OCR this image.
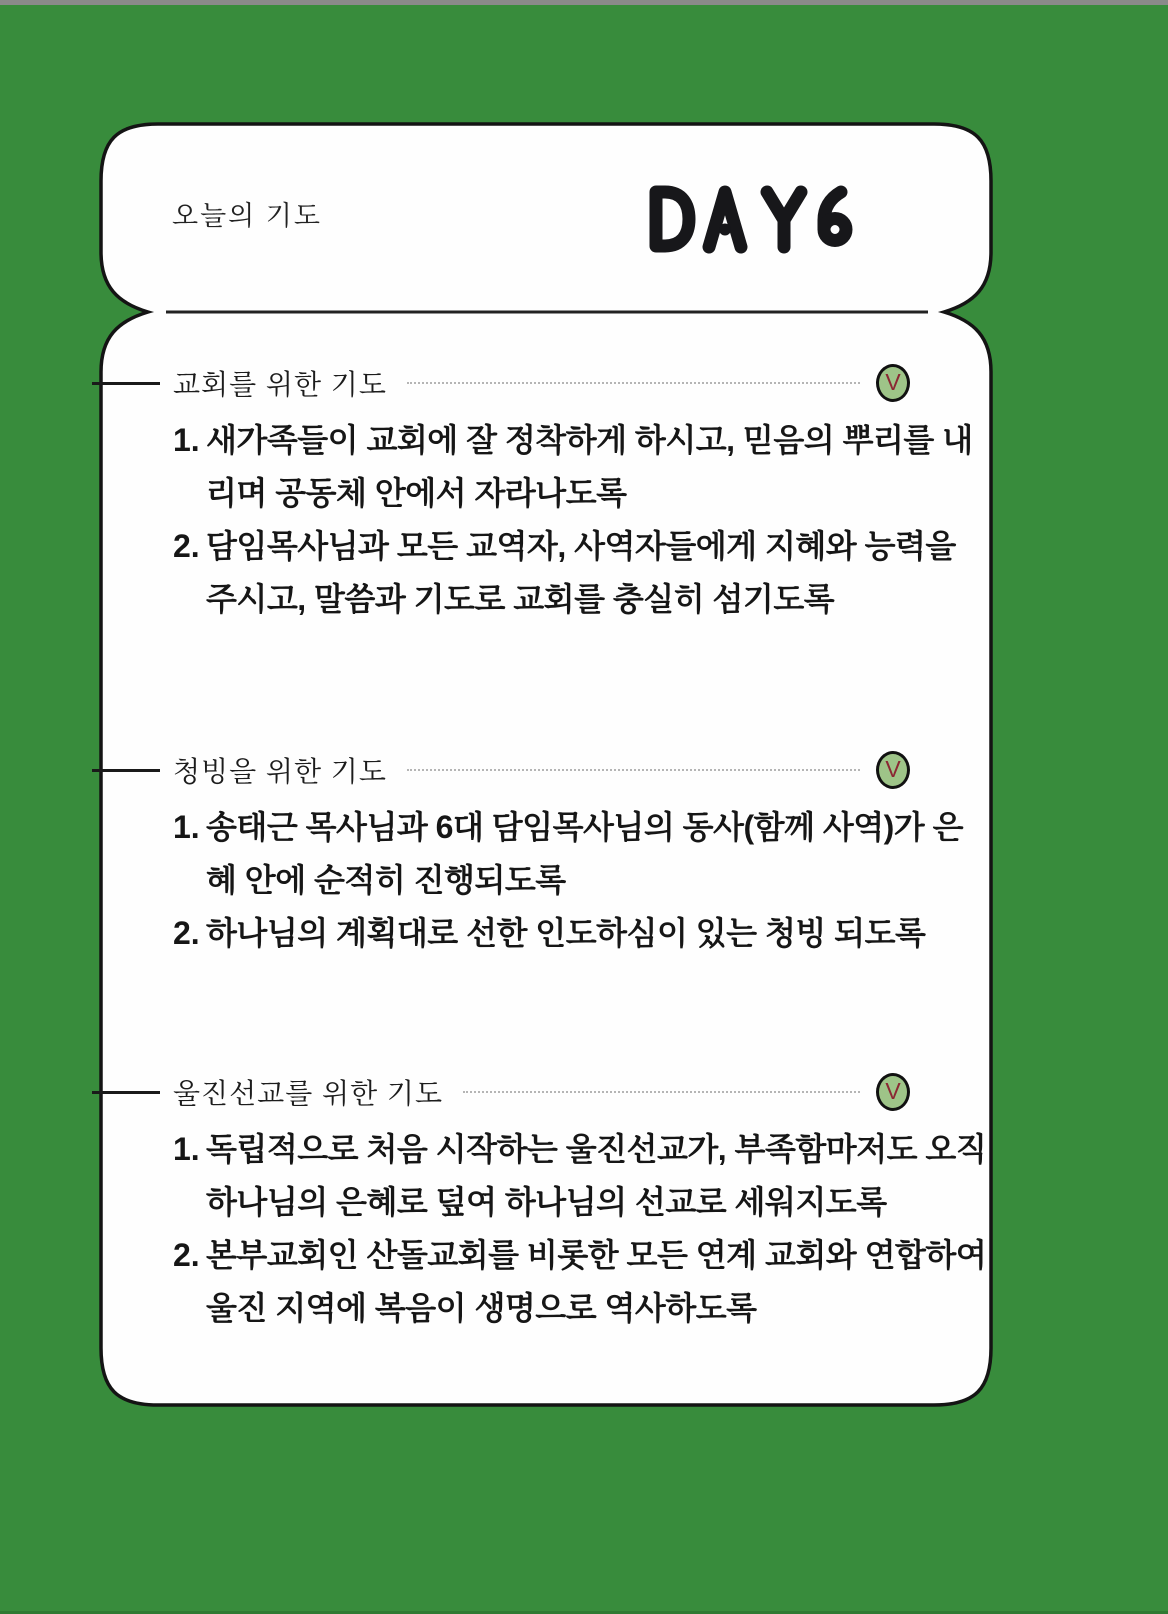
오늘의 기도
교회를 위한 기도	V
1. 새가족들이 교회에 잘 정착하게 하시고, 믿음의 뿌리를 내
리며 공동체 안에서 자라나도록
2. 담임목사님과 모든 교역자, 사역자들에게 지혜와 능력을
주시고, 말씀과 기도로 교회를 충실히 섬기도록
청빙을 위한 기도	V
1. 송태근 목사님과 6대 담임목사님의 동사(함께 사역)가 은
혜 안에 순적히 진행되도록
2. 하나님의 계획대로 선한 인도하심이 있는 청빙 되도록
울진선교를 위한 기도	V
1. 독립적으로 처음 시작하는 울진선교가, 부족함마저도 오직
하나님의 은혜로 덮여 하나님의 선교로 세워지도록
2. 본부교회인 산돌교회를 비롯한 모든 연계 교회와 연합하여
울진 지역에 복음이 생명으로 역사하도록
